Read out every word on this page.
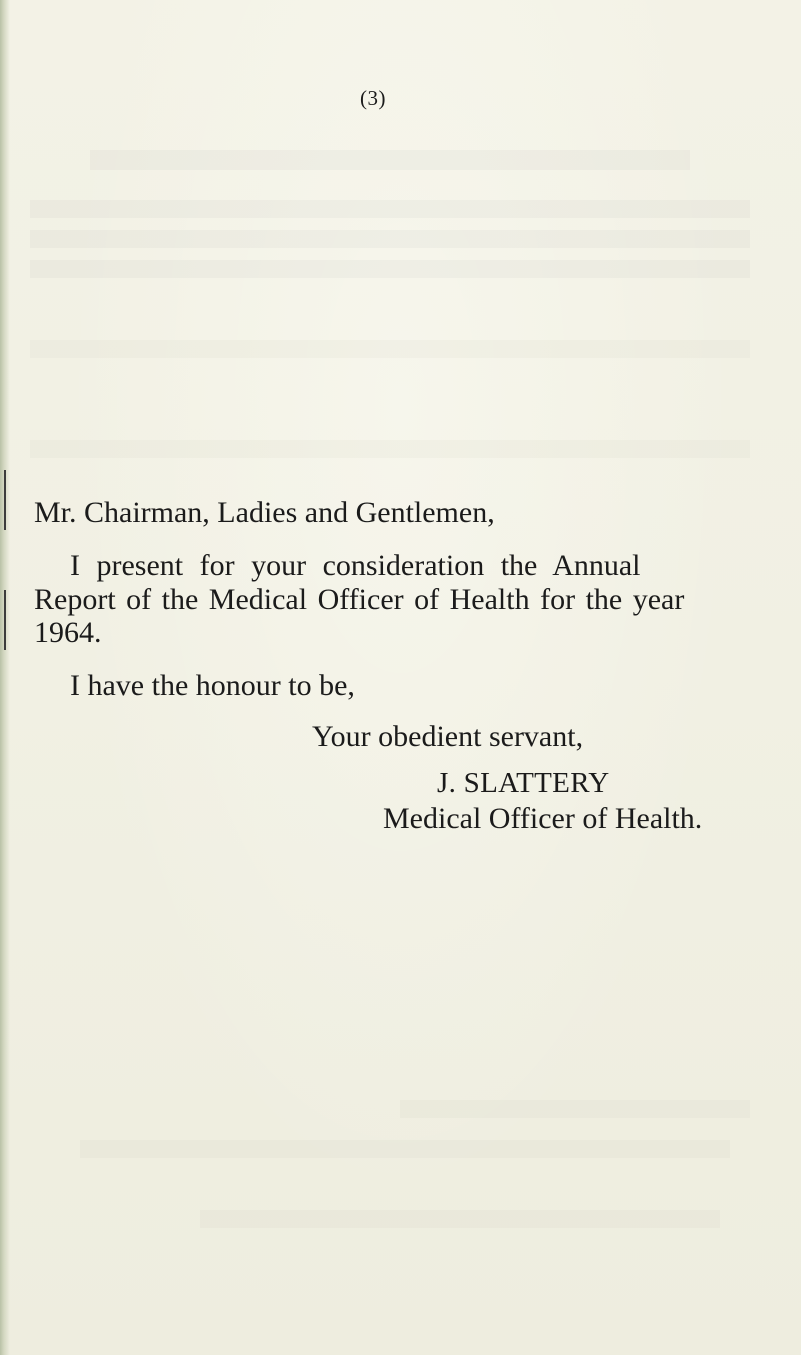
(3)
Mr. Chairman, Ladies and Gentlemen,
I present for your consideration the Annual
Report of the Medical Officer of Health for the year
1964.
I have the honour to be,
Your obedient servant,
J. SLATTERY
Medical Officer of Health.
